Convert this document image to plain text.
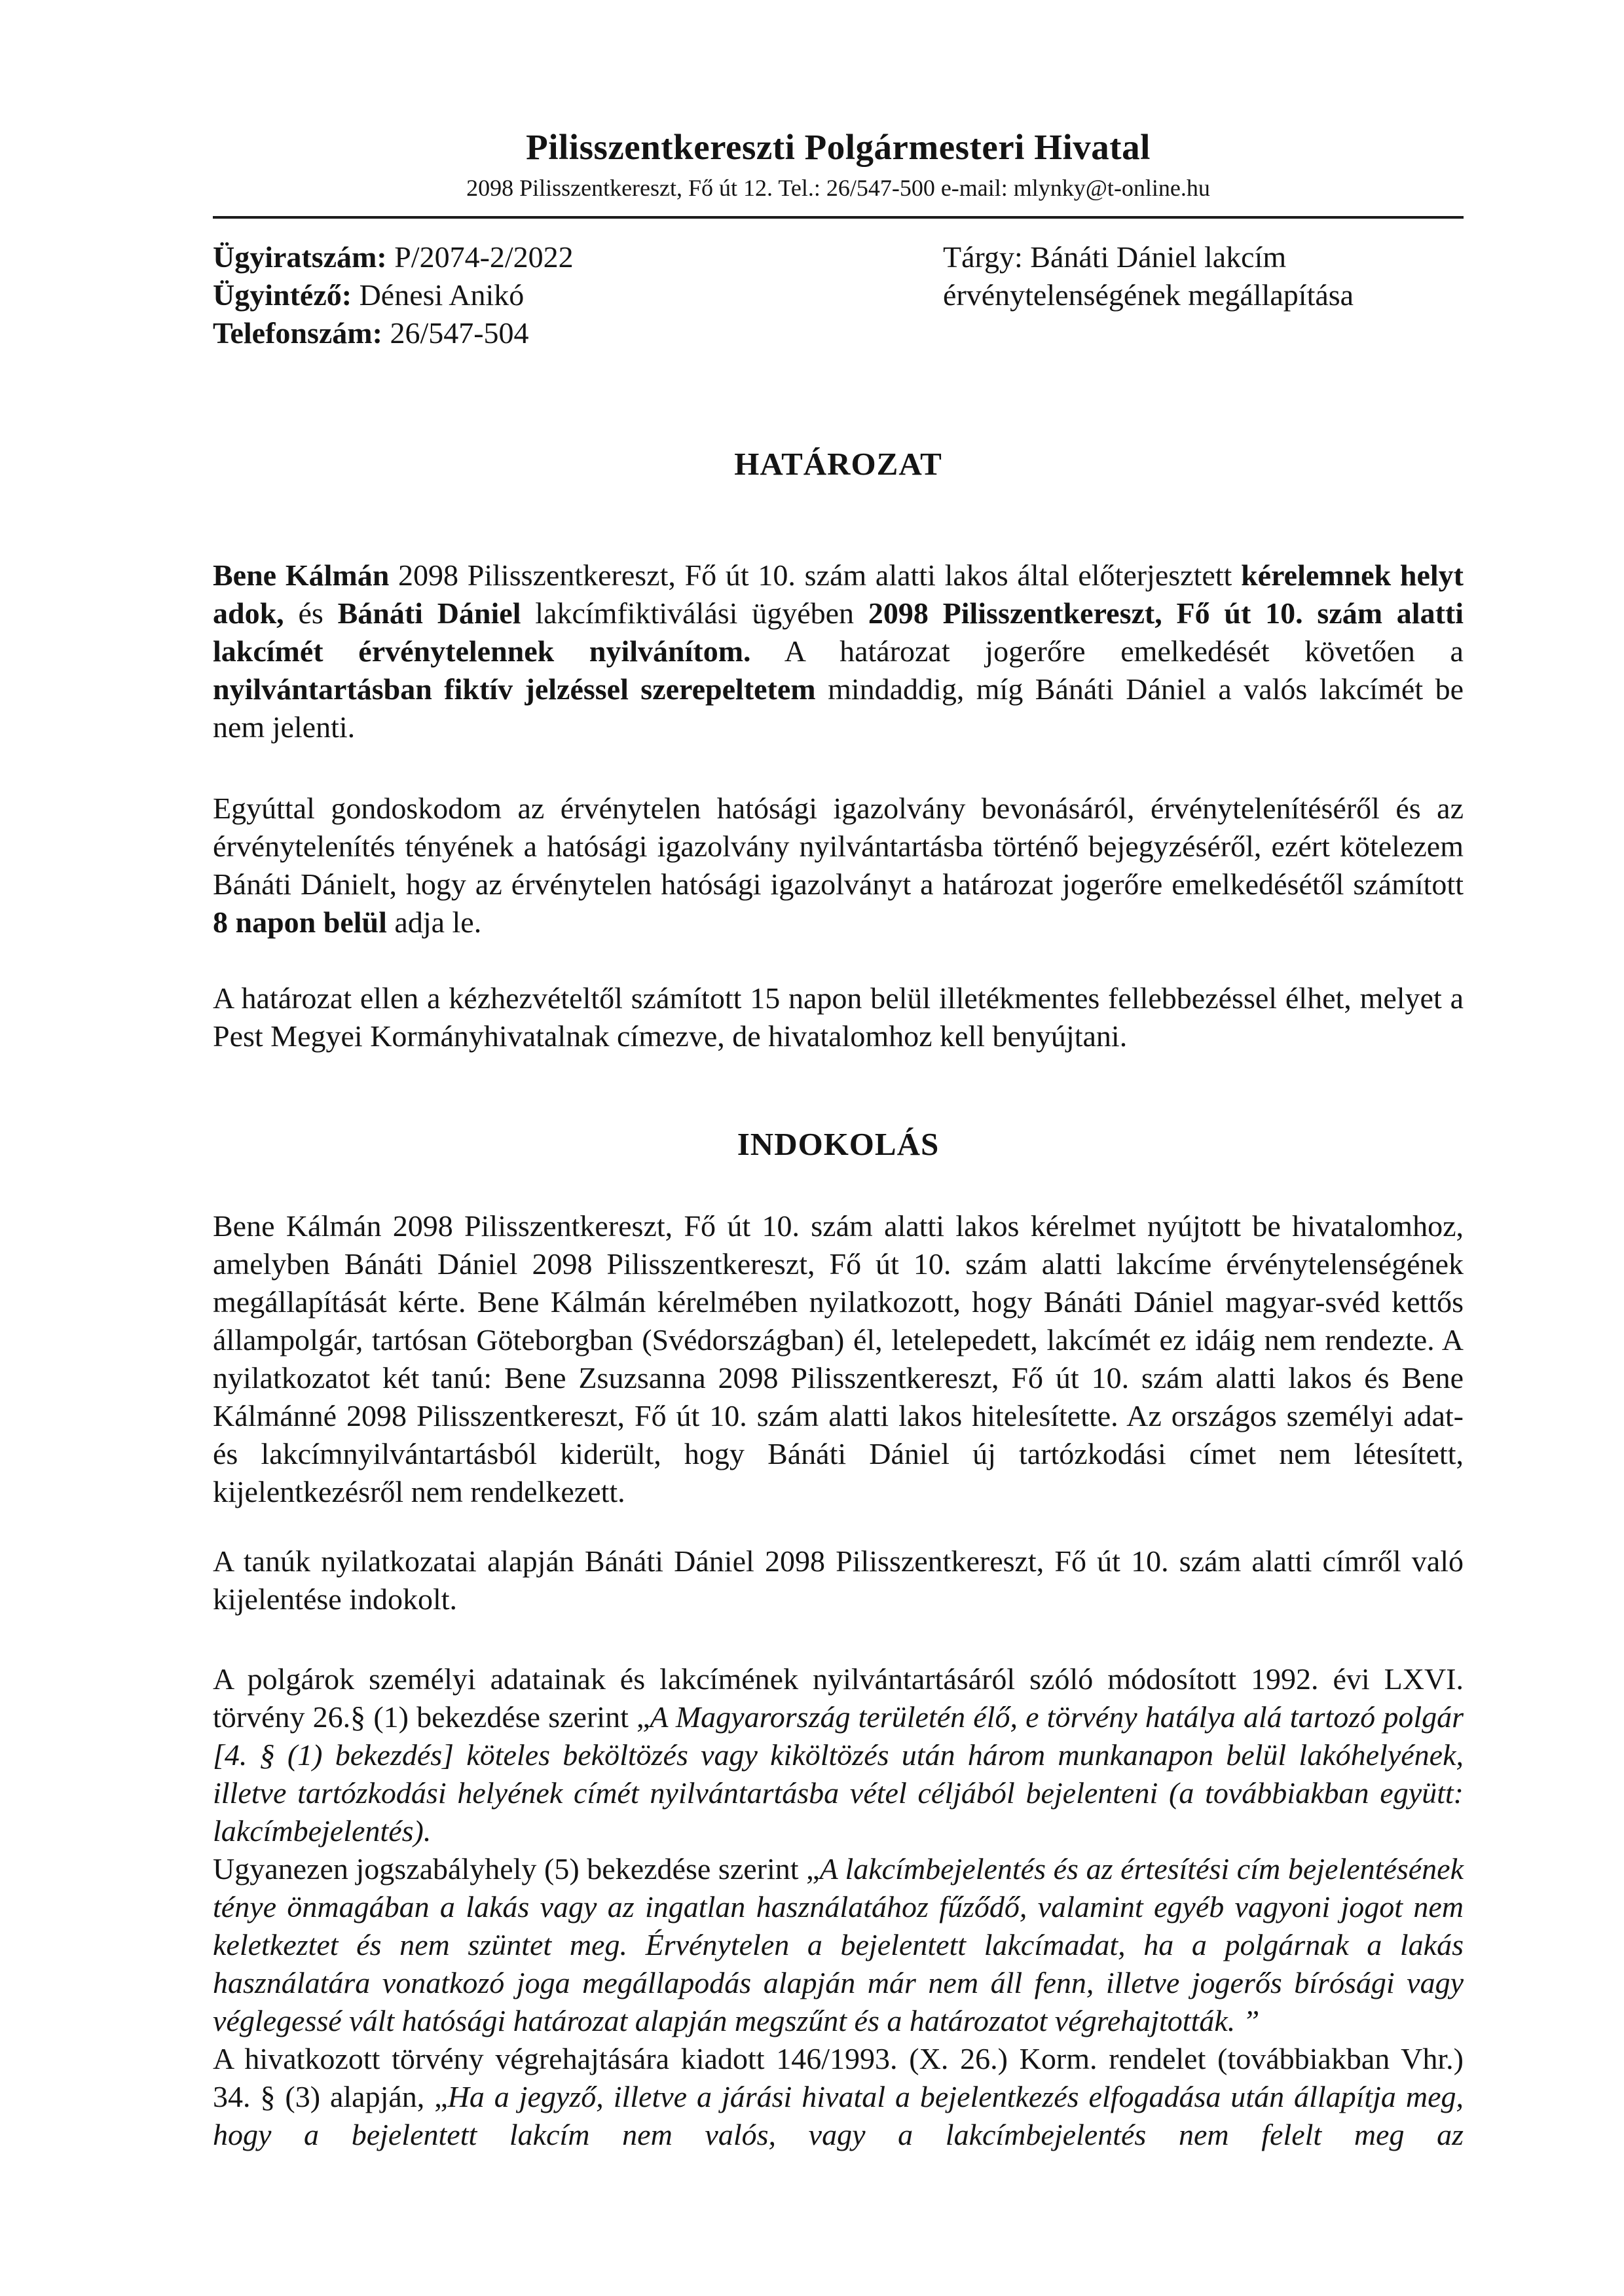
Pilisszentkereszti Polgármesteri Hivatal
2098 Pilisszentkereszt, Fő út 12. Tel.: 26/547-500 e-mail: mlynky@t-online.hu
Ügyiratszám: P/2074-2/2022
Ügyintéző: Dénesi Anikó
Telefonszám: 26/547-504
Tárgy: Bánáti Dániel lakcím
érvénytelenségének megállapítása
HATÁROZAT

Bene Kálmán 2098 Pilisszentkereszt, Fő út 10. szám alatti lakos által előterjesztett kérelemnek helyt adok, és Bánáti Dániel lakcímfiktiválási ügyében 2098 Pilisszentkereszt, Fő út 10. szám alatti lakcímét érvénytelennek nyilvánítom. A határozat jogerőre emelkedését követően a nyilvántartásban fiktív jelzéssel szerepeltetem mindaddig, míg Bánáti Dániel a valós lakcímét be nem jelenti.

Egyúttal gondoskodom az érvénytelen hatósági igazolvány bevonásáról, érvénytelenítéséről és az érvénytelenítés tényének a hatósági igazolvány nyilvántartásba történő bejegyzéséről, ezért kötelezem Bánáti Dánielt, hogy az érvénytelen hatósági igazolványt a határozat jogerőre emelkedésétől számított 8 napon belül adja le.

A határozat ellen a kézhezvételtől számított 15 napon belül illetékmentes fellebbezéssel élhet, melyet a Pest Megyei Kormányhivatalnak címezve, de hivatalomhoz kell benyújtani.

INDOKOLÁS

Bene Kálmán 2098 Pilisszentkereszt, Fő út 10. szám alatti lakos kérelmet nyújtott be hivatalomhoz, amelyben Bánáti Dániel 2098 Pilisszentkereszt, Fő út 10. szám alatti lakcíme érvénytelenségének megállapítását kérte. Bene Kálmán kérelmében nyilatkozott, hogy Bánáti Dániel magyar-svéd kettős állampolgár, tartósan Göteborgban (Svédországban) él, letelepedett, lakcímét ez idáig nem rendezte. A nyilatkozatot két tanú: Bene Zsuzsanna 2098 Pilisszentkereszt, Fő út 10. szám alatti lakos és Bene Kálmánné 2098 Pilisszentkereszt, Fő út 10. szám alatti lakos hitelesítette. Az országos személyi adat- és lakcímnyilvántartásból kiderült, hogy Bánáti Dániel új tartózkodási címet nem létesített, kijelentkezésről nem rendelkezett.

A tanúk nyilatkozatai alapján Bánáti Dániel 2098 Pilisszentkereszt, Fő út 10. szám alatti címről való kijelentése indokolt.

A polgárok személyi adatainak és lakcímének nyilvántartásáról szóló módosított 1992. évi LXVI. törvény 26.§ (1) bekezdése szerint „A Magyarország területén élő, e törvény hatálya alá tartozó polgár [4. § (1) bekezdés] köteles beköltözés vagy kiköltözés után három munkanapon belül lakóhelyének, illetve tartózkodási helyének címét nyilvántartásba vétel céljából bejelenteni (a továbbiakban együtt: lakcímbejelentés).

Ugyanezen jogszabályhely (5) bekezdése szerint „A lakcímbejelentés és az értesítési cím bejelentésének ténye önmagában a lakás vagy az ingatlan használatához fűződő, valamint egyéb vagyoni jogot nem keletkeztet és nem szüntet meg. Érvénytelen a bejelentett lakcímadat, ha a polgárnak a lakás használatára vonatkozó joga megállapodás alapján már nem áll fenn, illetve jogerős bírósági vagy véglegessé vált hatósági határozat alapján megszűnt és a határozatot végrehajtották. ”

A hivatkozott törvény végrehajtására kiadott 146/1993. (X. 26.) Korm. rendelet (továbbiakban Vhr.) 34. § (3) alapján, „Ha a jegyző, illetve a járási hivatal a bejelentkezés elfogadása után állapítja meg, hogy a bejelentett lakcím nem valós, vagy a lakcímbejelentés nem felelt meg az
